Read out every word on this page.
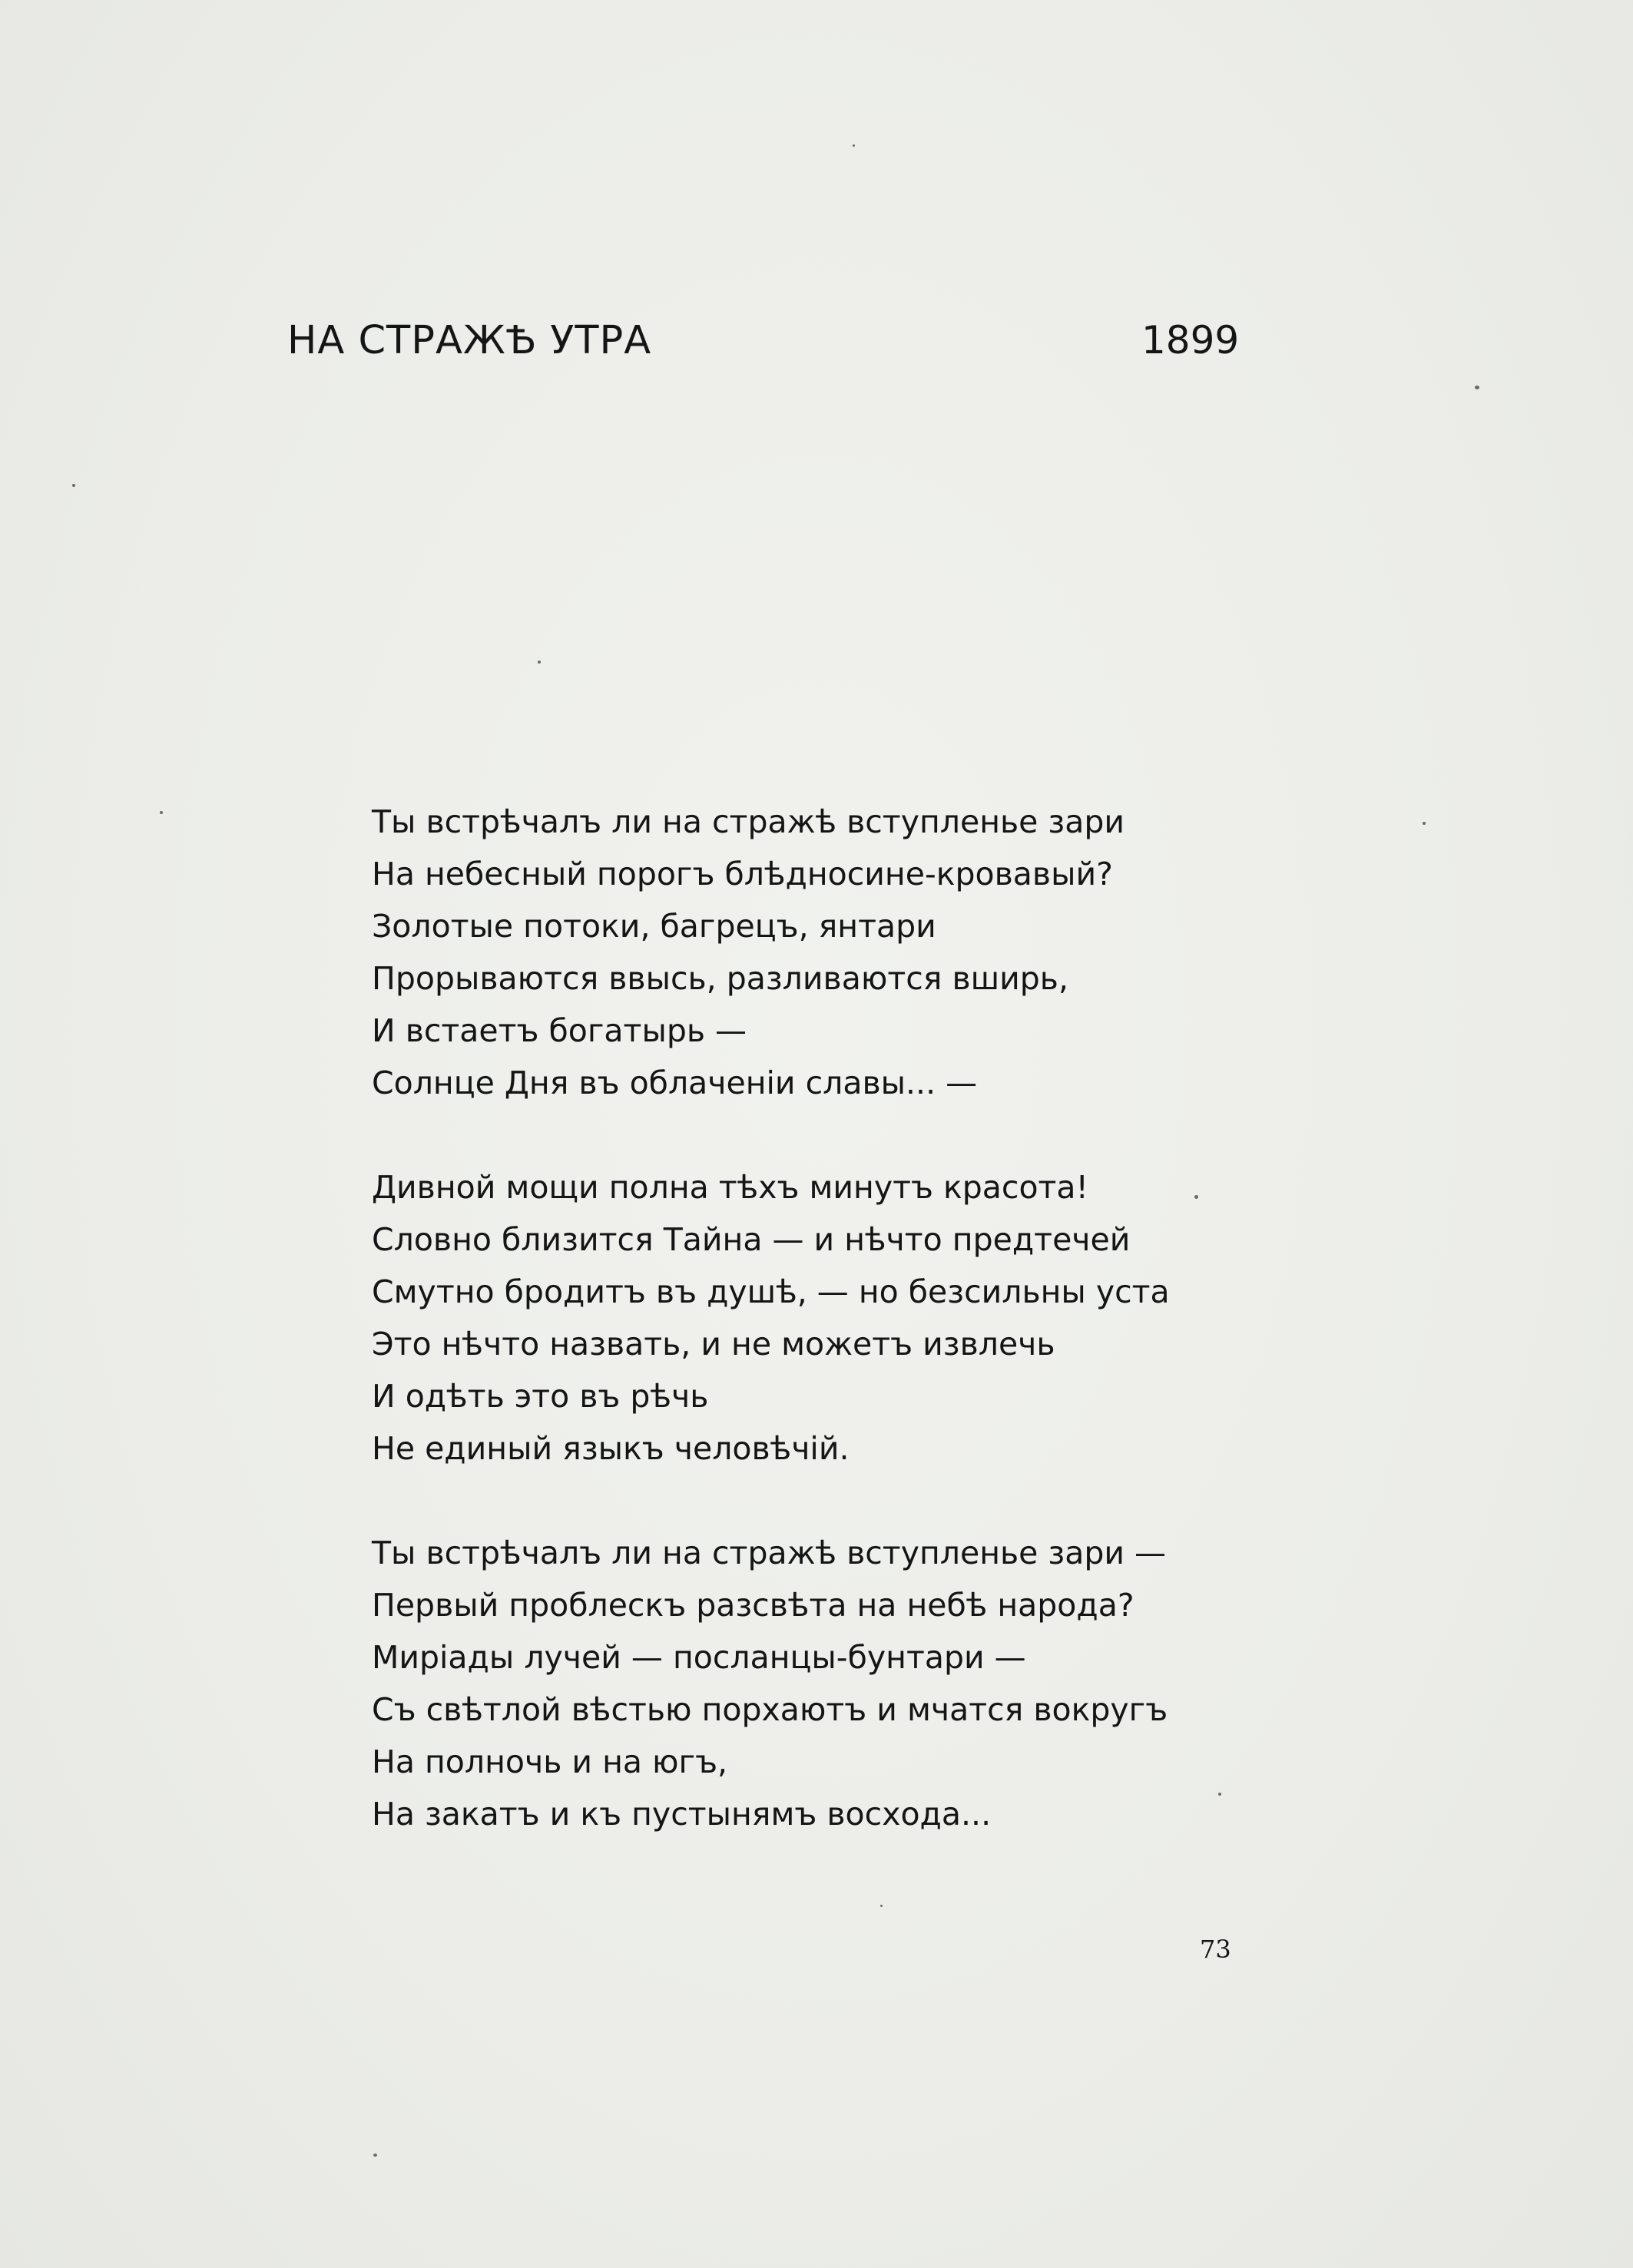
НА СТРАЖѢ УТРА	1899
Ты встрѣчалъ ли на стражѣ вступленье зари
На небесный порогъ блѣдносине-кровавый?
Золотые потоки, багрецъ, янтари
Прорываются ввысь, разливаются вширь,
И встаетъ богатырь —
Солнце Дня въ облаченіи славы... —
Дивной мощи полна тѣхъ минутъ красота!
Словно близится Тайна — и нѣчто предтечей
Смутно бродитъ въ душѣ, — но безсильны уста
Это нѣчто назвать, и не можетъ извлечь
И одѣть это въ рѣчь
Не единый языкъ человѣчій.
Ты встрѣчалъ ли на стражѣ вступленье зари —
Первый проблескъ разсвѣта на небѣ народа?
Миріады лучей — посланцы-бунтари —
Съ свѣтлой вѣстью порхаютъ и мчатся вокругъ
На полночь и на югъ,
На закатъ и къ пустынямъ восхода...
73
